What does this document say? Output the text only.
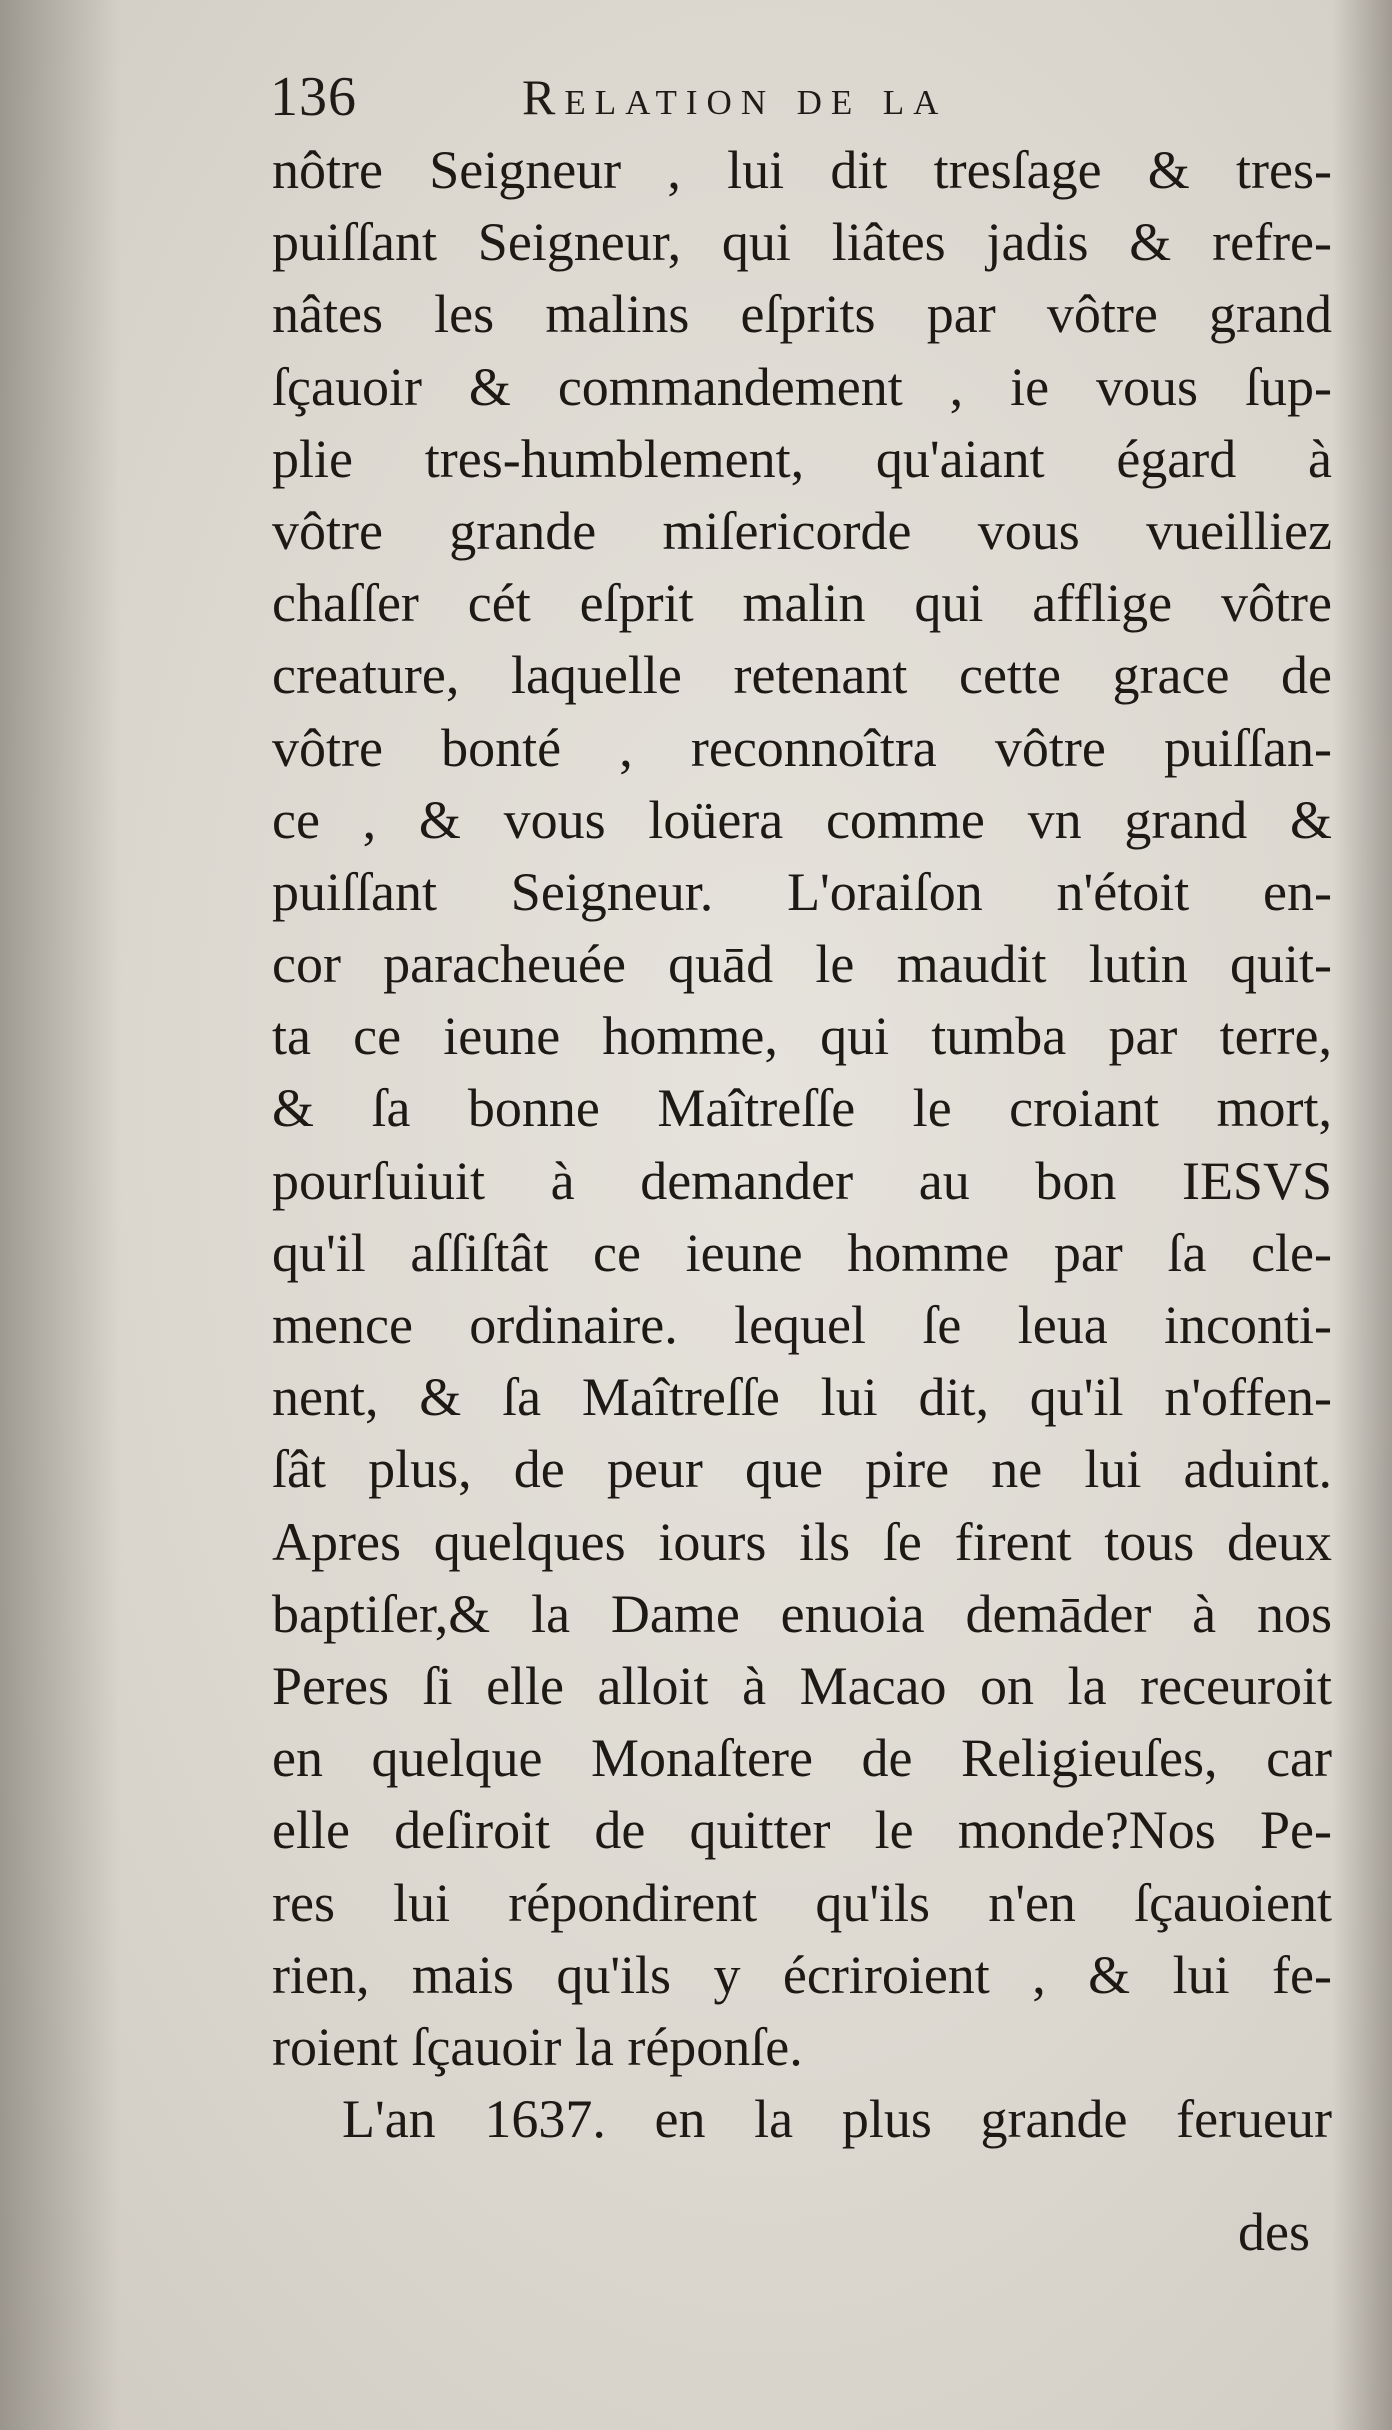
136	Relation de la
nôtre Seigneur , lui dit tresſage & tres-
puiſſant Seigneur, qui liâtes jadis & refre-
nâtes les malins eſprits par vôtre grand
ſçauoir & commandement , ie vous ſup-
plie tres-humblement, qu'aiant égard à
vôtre grande miſericorde vous vueilliez
chaſſer cét eſprit malin qui afflige vôtre
creature, laquelle retenant cette grace de
vôtre bonté , reconnoîtra vôtre puiſſan-
ce , & vous loüera comme vn grand &
puiſſant Seigneur. L'oraiſon n'étoit en-
cor paracheuée quād le maudit lutin quit-
ta ce ieune homme, qui tumba par terre,
& ſa bonne Maîtreſſe le croiant mort,
pourſuiuit à demander au bon IESVS
qu'il aſſiſtât ce ieune homme par ſa cle-
mence ordinaire. lequel ſe leua inconti-
nent, & ſa Maîtreſſe lui dit, qu'il n'offen-
ſât plus, de peur que pire ne lui aduint.
Apres quelques iours ils ſe firent tous deux
baptiſer,& la Dame enuoia demāder à nos
Peres ſi elle alloit à Macao on la receuroit
en quelque Monaſtere de Religieuſes, car
elle deſiroit de quitter le monde?Nos Pe-
res lui répondirent qu'ils n'en ſçauoient
rien, mais qu'ils y écriroient , & lui fe-
roient ſçauoir la réponſe.
L'an 1637. en la plus grande ferueur
des
